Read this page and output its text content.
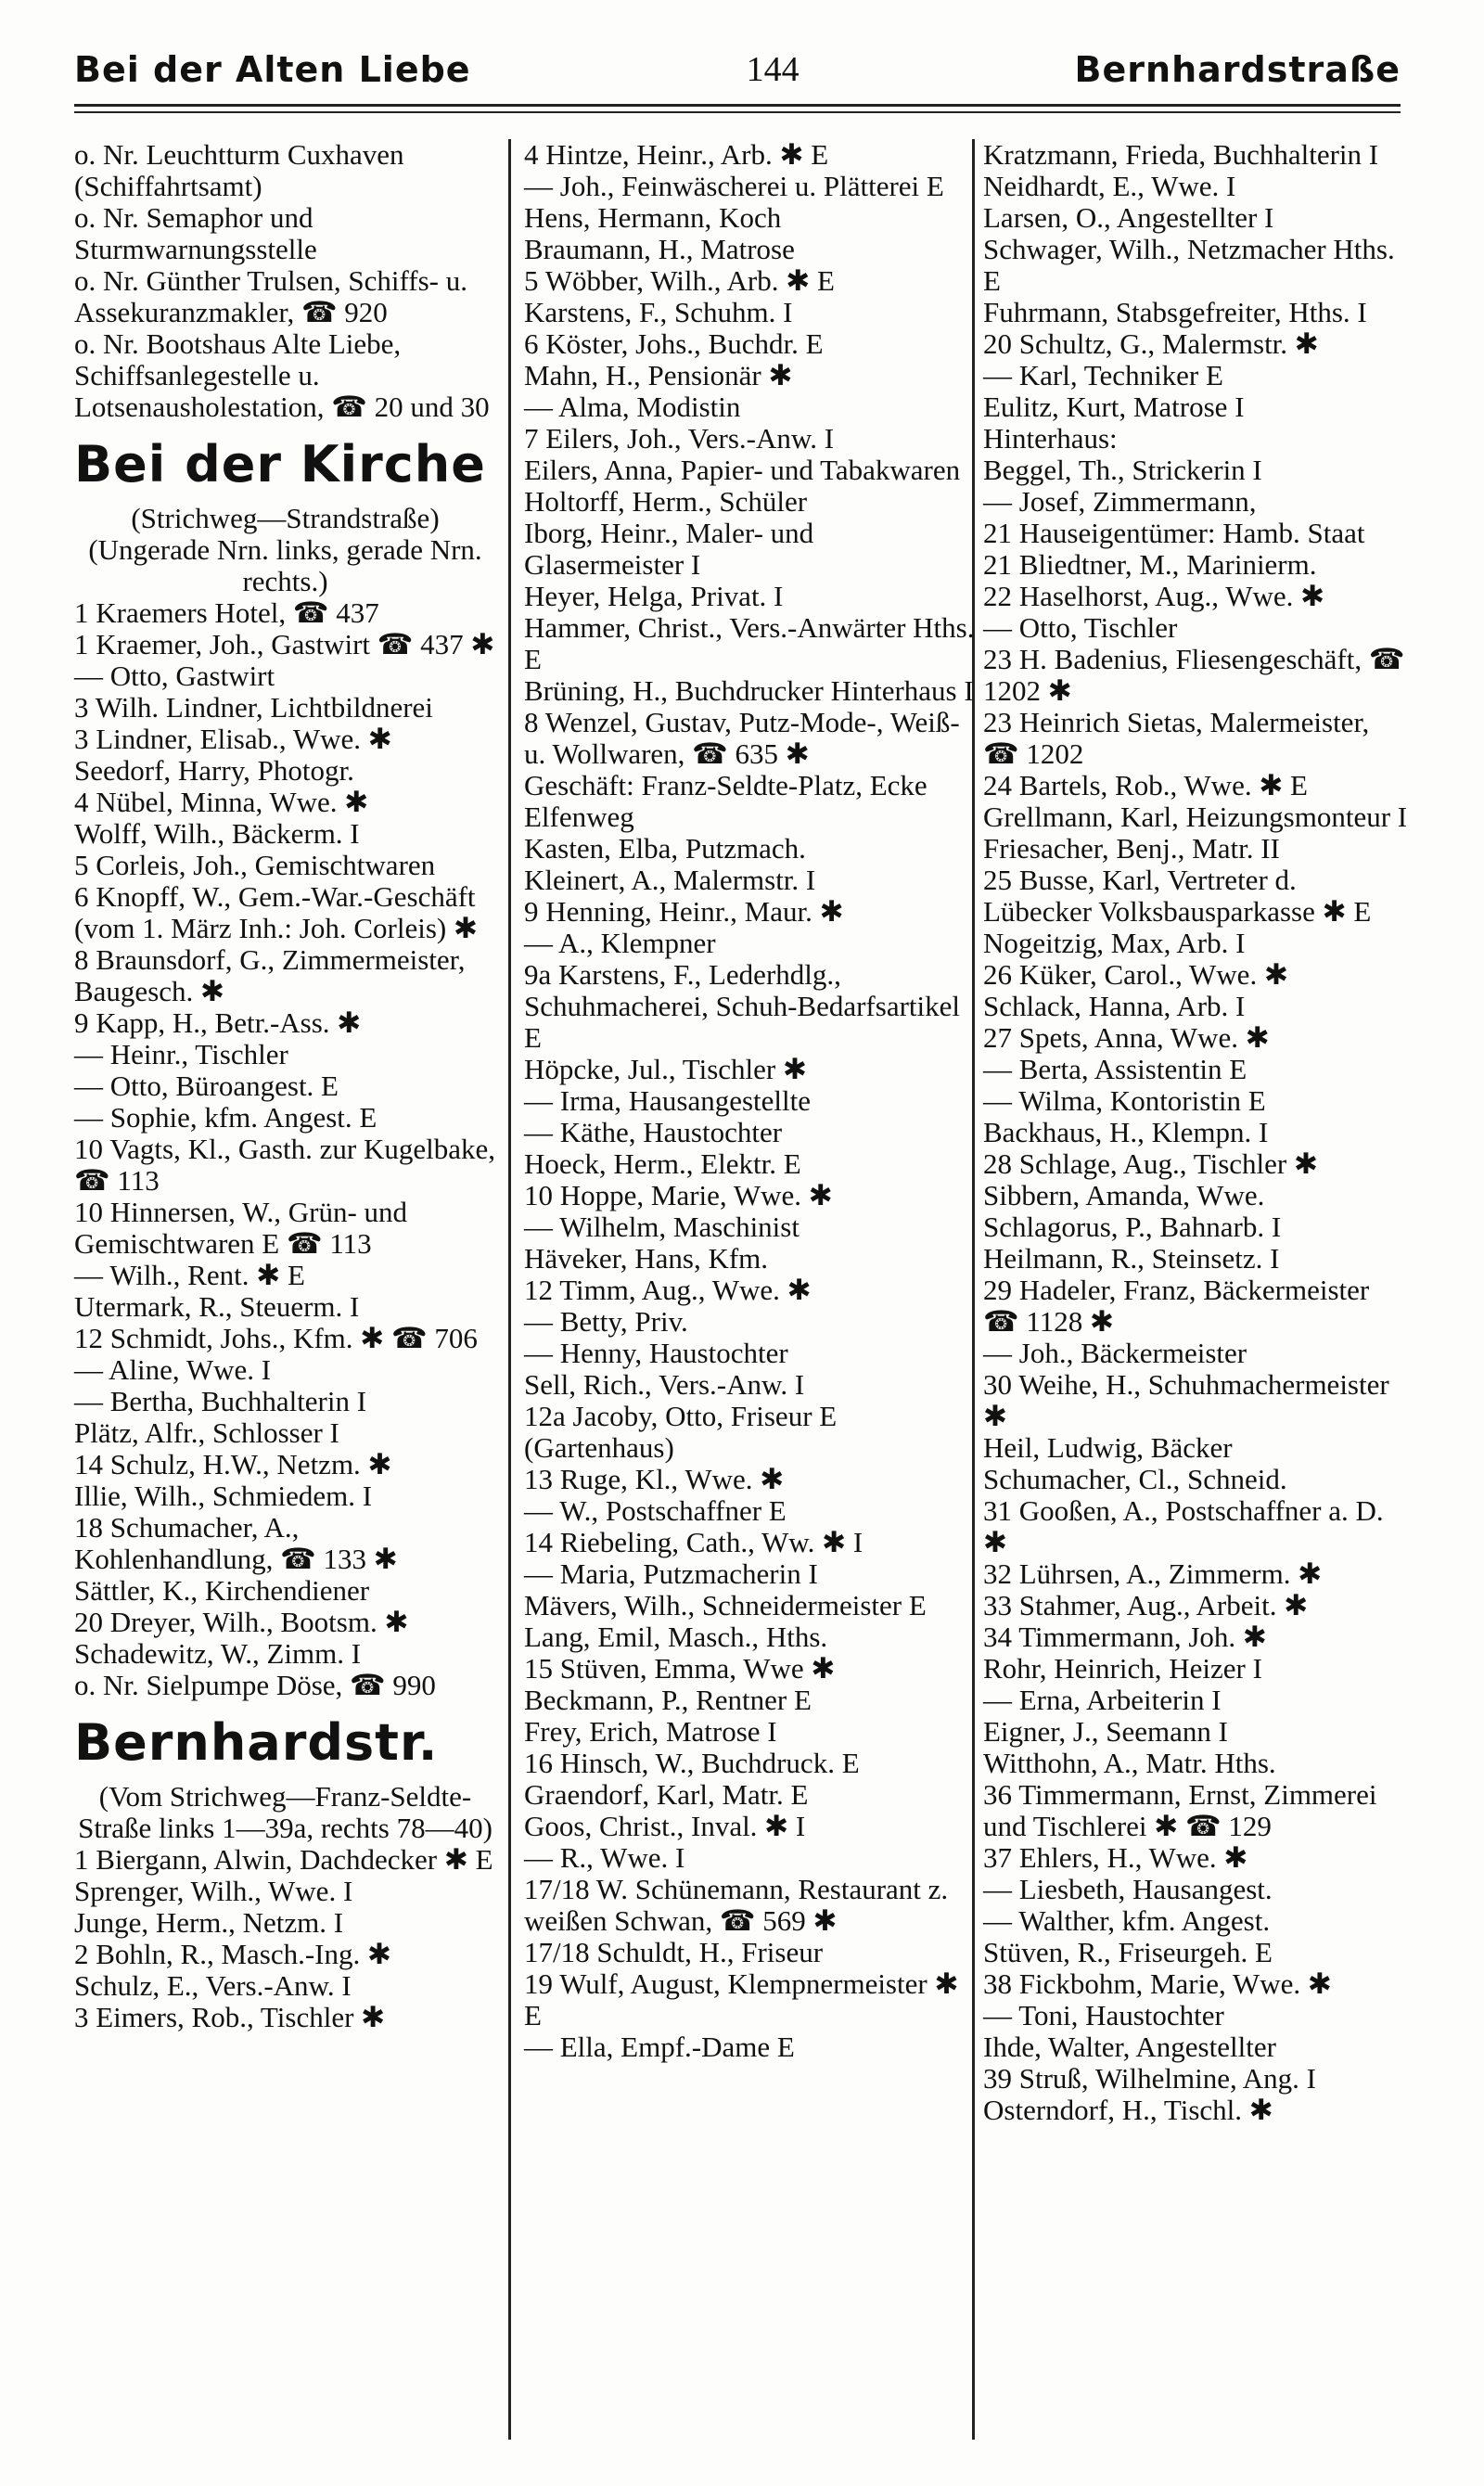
Bei der Alten Liebe	144	Bernhardstraße

o. Nr. Leuchtturm Cuxhaven (Schiffahrtsamt)

o. Nr. Semaphor und Sturmwarnungsstelle

o. Nr. Günther Trulsen, Schiffs- u. Assekuranzmakler, ☎ 920

o. Nr. Bootshaus Alte Liebe, Schiffsanlegestelle u. Lotsenausholestation, ☎ 20 und 30

Bei der Kirche
(Strichweg—Strandstraße) (Ungerade Nrn. links, gerade Nrn. rechts.)

1 Kraemers Hotel, ☎ 437

1 Kraemer, Joh., Gastwirt ☎ 437 ✱

— Otto, Gastwirt

3 Wilh. Lindner, Lichtbildnerei

3 Lindner, Elisab., Wwe. ✱

Seedorf, Harry, Photogr.

4 Nübel, Minna, Wwe. ✱

Wolff, Wilh., Bäckerm. I

5 Corleis, Joh., Gemischtwaren

6 Knopff, W., Gem.-War.-Geschäft (vom 1. März Inh.: Joh. Corleis) ✱

8 Braunsdorf, G., Zimmermeister, Baugesch. ✱

9 Kapp, H., Betr.-Ass. ✱

— Heinr., Tischler

— Otto, Büroangest. E

— Sophie, kfm. Angest. E

10 Vagts, Kl., Gasth. zur Kugelbake, ☎ 113

10 Hinnersen, W., Grün- und Gemischtwaren E ☎ 113

— Wilh., Rent. ✱ E

Utermark, R., Steuerm. I

12 Schmidt, Johs., Kfm. ✱ ☎ 706

— Aline, Wwe. I

— Bertha, Buchhalterin I

Plätz, Alfr., Schlosser I

14 Schulz, H.W., Netzm. ✱

Illie, Wilh., Schmiedem. I

18 Schumacher, A., Kohlenhandlung, ☎ 133 ✱

Sättler, K., Kirchendiener

20 Dreyer, Wilh., Bootsm. ✱

Schadewitz, W., Zimm. I

o. Nr. Sielpumpe Döse, ☎ 990

Bernhardstr.
(Vom Strichweg—Franz-Seldte-Straße links 1—39a, rechts 78—40)

1 Biergann, Alwin, Dachdecker ✱ E

Sprenger, Wilh., Wwe. I

Junge, Herm., Netzm. I

2 Bohln, R., Masch.-Ing. ✱

Schulz, E., Vers.-Anw. I

3 Eimers, Rob., Tischler ✱

4 Hintze, Heinr., Arb. ✱ E

— Joh., Feinwäscherei u. Plätterei E

Hens, Hermann, Koch

Braumann, H., Matrose

5 Wöbber, Wilh., Arb. ✱ E

Karstens, F., Schuhm. I

6 Köster, Johs., Buchdr. E

Mahn, H., Pensionär ✱

— Alma, Modistin

7 Eilers, Joh., Vers.-Anw. I

Eilers, Anna, Papier- und Tabakwaren

Holtorff, Herm., Schüler

Iborg, Heinr., Maler- und Glasermeister I

Heyer, Helga, Privat. I

Hammer, Christ., Vers.-Anwärter Hths. E

Brüning, H., Buchdrucker Hinterhaus I

8 Wenzel, Gustav, Putz-Mode-, Weiß- u. Wollwaren, ☎ 635 ✱

Geschäft: Franz-Seldte-Platz, Ecke Elfenweg

Kasten, Elba, Putzmach.

Kleinert, A., Malermstr. I

9 Henning, Heinr., Maur. ✱

— A., Klempner

9a Karstens, F., Lederhdlg., Schuhmacherei, Schuh-Bedarfsartikel E

Höpcke, Jul., Tischler ✱

— Irma, Hausangestellte

— Käthe, Haustochter

Hoeck, Herm., Elektr. E

10 Hoppe, Marie, Wwe. ✱

— Wilhelm, Maschinist

Häveker, Hans, Kfm.

12 Timm, Aug., Wwe. ✱

— Betty, Priv.

— Henny, Haustochter

Sell, Rich., Vers.-Anw. I

12a Jacoby, Otto, Friseur E (Gartenhaus)

13 Ruge, Kl., Wwe. ✱

— W., Postschaffner E

14 Riebeling, Cath., Ww. ✱ I

— Maria, Putzmacherin I

Mävers, Wilh., Schneidermeister E

Lang, Emil, Masch., Hths.

15 Stüven, Emma, Wwe ✱

Beckmann, P., Rentner E

Frey, Erich, Matrose I

16 Hinsch, W., Buchdruck. E

Graendorf, Karl, Matr. E

Goos, Christ., Inval. ✱ I

— R., Wwe. I

17/18 W. Schünemann, Restaurant z. weißen Schwan, ☎ 569 ✱

17/18 Schuldt, H., Friseur

19 Wulf, August, Klempnermeister ✱ E

— Ella, Empf.-Dame E

Kratzmann, Frieda, Buchhalterin I

Neidhardt, E., Wwe. I

Larsen, O., Angestellter I

Schwager, Wilh., Netzmacher Hths. E

Fuhrmann, Stabsgefreiter, Hths. I

20 Schultz, G., Malermstr. ✱

— Karl, Techniker E

Eulitz, Kurt, Matrose I

Hinterhaus:

Beggel, Th., Strickerin I

— Josef, Zimmermann,

21 Hauseigentümer: Hamb. Staat

21 Bliedtner, M., Marinierm.

22 Haselhorst, Aug., Wwe. ✱

— Otto, Tischler

23 H. Badenius, Fliesengeschäft, ☎ 1202 ✱

23 Heinrich Sietas, Malermeister, ☎ 1202

24 Bartels, Rob., Wwe. ✱ E

Grellmann, Karl, Heizungsmonteur I

Friesacher, Benj., Matr. II

25 Busse, Karl, Vertreter d. Lübecker Volksbausparkasse ✱ E

Nogeitzig, Max, Arb. I

26 Küker, Carol., Wwe. ✱

Schlack, Hanna, Arb. I

27 Spets, Anna, Wwe. ✱

— Berta, Assistentin E

— Wilma, Kontoristin E

Backhaus, H., Klempn. I

28 Schlage, Aug., Tischler ✱

Sibbern, Amanda, Wwe.

Schlagorus, P., Bahnarb. I

Heilmann, R., Steinsetz. I

29 Hadeler, Franz, Bäckermeister ☎ 1128 ✱

— Joh., Bäckermeister

30 Weihe, H., Schuhmachermeister ✱

Heil, Ludwig, Bäcker

Schumacher, Cl., Schneid.

31 Gooßen, A., Postschaffner a. D. ✱

32 Lührsen, A., Zimmerm. ✱

33 Stahmer, Aug., Arbeit. ✱

34 Timmermann, Joh. ✱

Rohr, Heinrich, Heizer I

— Erna, Arbeiterin I

Eigner, J., Seemann I

Witthohn, A., Matr. Hths.

36 Timmermann, Ernst, Zimmerei und Tischlerei ✱ ☎ 129

37 Ehlers, H., Wwe. ✱

— Liesbeth, Hausangest.

— Walther, kfm. Angest.

Stüven, R., Friseurgeh. E

38 Fickbohm, Marie, Wwe. ✱

— Toni, Haustochter

Ihde, Walter, Angestellter

39 Struß, Wilhelmine, Ang. I

Osterndorf, H., Tischl. ✱
